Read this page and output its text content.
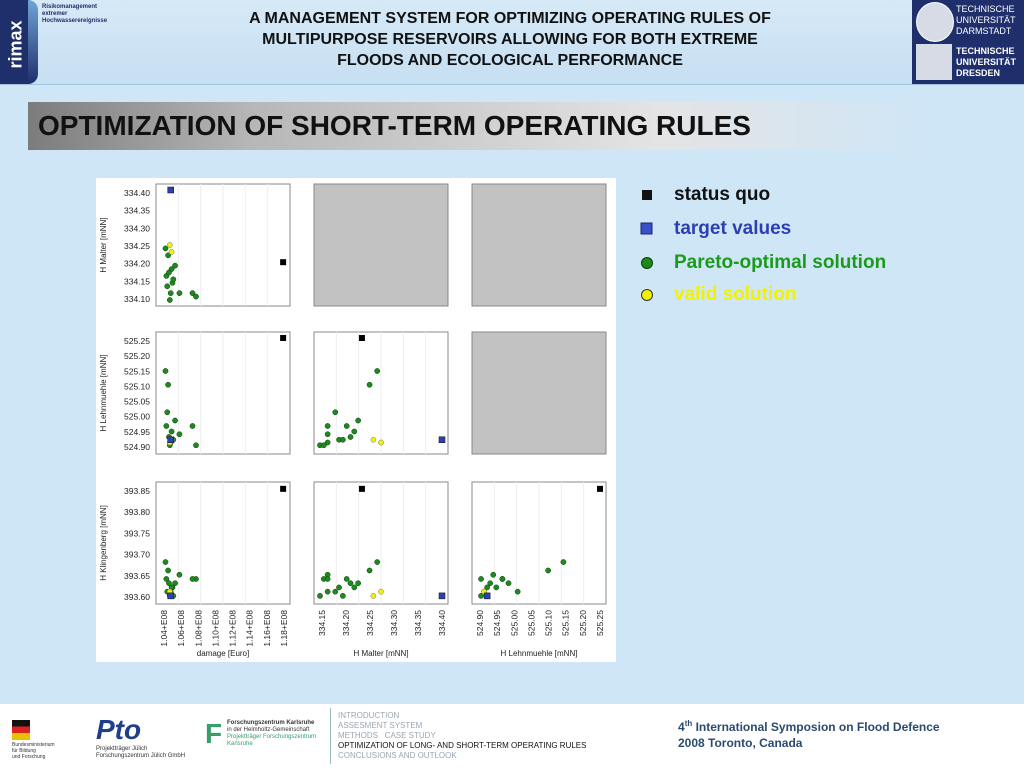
rimax
Risikomanagement
extremer
Hochwasserereignisse	A MANAGEMENT SYSTEM FOR OPTIMIZING OPERATING RULES OF
MULTIPURPOSE RESERVOIRS ALLOWING FOR BOTH EXTREME
FLOODS AND ECOLOGICAL PERFORMANCE
TECHNISCHE
UNIVERSITÄT
DARMSTADT
TECHNISCHE
UNIVERSITÄT
DRESDEN
OPTIMIZATION OF SHORT-TERM OPERATING RULES
334.40
334.35
334.30
334.25
334.20
334.15
334.10
H Malter [mNN]
525.25
525.20
525.15
525.10
525.05
525.00
524.95
524.90
H Lehnmuehle [mNN]
393.85
393.80
393.75
393.70
393.65
393.60
H Klingenberg [mNN]
1.04+E08 1.06+E08 1.08+E08 1.10+E08 1.12+E08 1.14+E08 1.16+E08 1.18+E08
damage [Euro]
334.15 334.20 334.25 334.30 334.35 334.40
H Malter [mNN]
524.90 524.95 525.00 525.05 525.10 525.15 525.20 525.25
H Lehnmuehle [mNN]
status quo
target values
Pareto-optimal solution
valid solution
Bundesministerium
für Bildung
und Forschung
Pto
Projektträger Jülich
Forschungszentrum Jülich GmbH
F Forschungszentrum Karlsruhe
in der Helmholtz-Gemeinschaft
Projektträger Forschungszentrum Karlsruhe
INTRODUCTION
ASSESMENT SYSTEM
METHODS   CASE STUDY
OPTIMIZATION OF LONG- AND SHORT-TERM OPERATING RULES
CONCLUSIONS AND OUTLOOK
4th International Symposion on Flood Defence
2008 Toronto, Canada
